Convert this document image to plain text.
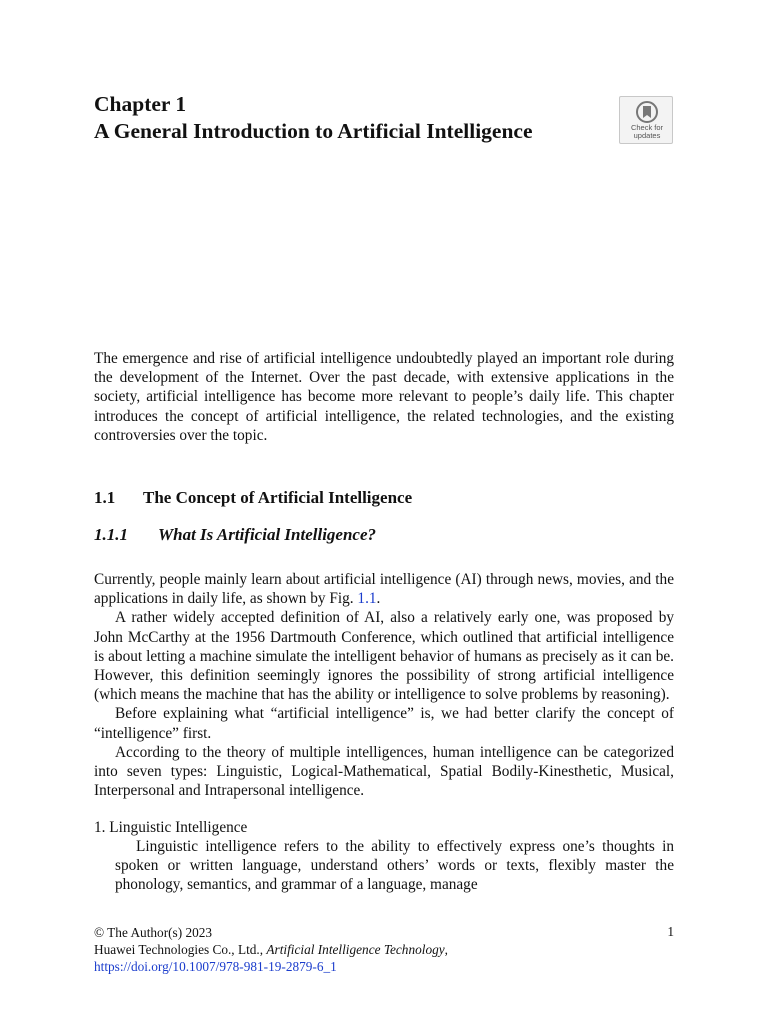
Chapter 1
A General Introduction to Artificial Intelligence	Check for
updates
The emergence and rise of artificial intelligence undoubtedly played an important role during the development of the Internet. Over the past decade, with extensive applications in the society, artificial intelligence has become more relevant to people’s daily life. This chapter introduces the concept of artificial intelligence, the related technologies, and the existing controversies over the topic.
1.1 The Concept of Artificial Intelligence
1.1.1 What Is Artificial Intelligence?
Currently, people mainly learn about artificial intelligence (AI) through news, movies, and the applications in daily life, as shown by Fig. 1.1.
A rather widely accepted definition of AI, also a relatively early one, was proposed by John McCarthy at the 1956 Dartmouth Conference, which outlined that artificial intelligence is about letting a machine simulate the intelligent behavior of humans as precisely as it can be. However, this definition seemingly ignores the possibility of strong artificial intelligence (which means the machine that has the ability or intelligence to solve problems by reasoning).
Before explaining what “artificial intelligence” is, we had better clarify the concept of “intelligence” first.
According to the theory of multiple intelligences, human intelligence can be categorized into seven types: Linguistic, Logical-Mathematical, Spatial Bodily-Kinesthetic, Musical, Interpersonal and Intrapersonal intelligence.
1. Linguistic Intelligence
Linguistic intelligence refers to the ability to effectively express one’s thoughts in spoken or written language, understand others’ words or texts, flexibly master the phonology, semantics, and grammar of a language, manage
© The Author(s) 2023
Huawei Technologies Co., Ltd., Artificial Intelligence Technology,
https://doi.org/10.1007/978-981-19-2879-6_1
1
